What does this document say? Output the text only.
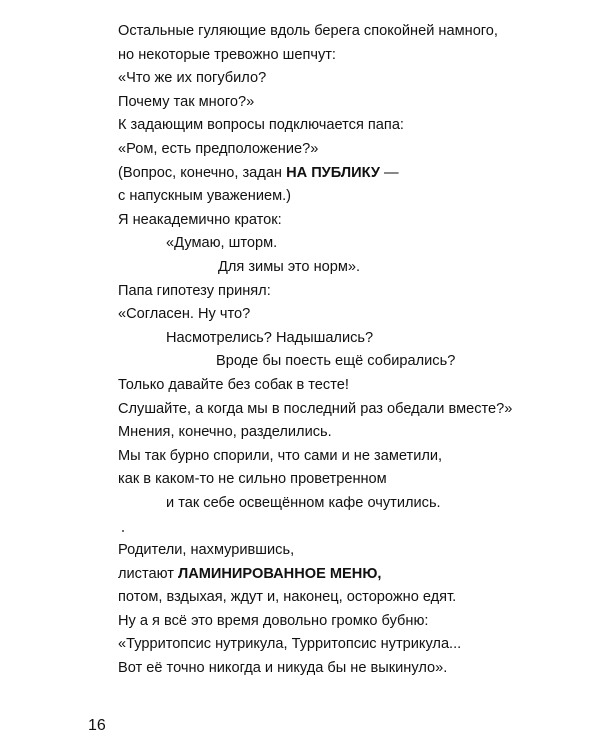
Остальные гуляющие вдоль берега спокойней намного,
но некоторые тревожно шепчут:
«Что же их погубило?
Почему так много?»
К задающим вопросы подключается папа:
«Ром, есть предположение?»
(Вопрос, конечно, задан НА ПУБЛИКУ —
с напускным уважением.)
Я неакадемично краток:
«Думаю, шторм.
Для зимы это норм».
Папа гипотезу принял:
«Согласен. Ну что?
Насмотрелись? Надышались?
Вроде бы поесть ещё собирались?
Только давайте без собак в тесте!
Слушайте, а когда мы в последний раз обедали вместе?»
Мнения, конечно, разделились.
Мы так бурно спорили, что сами и не заметили,
как в каком-то не сильно проветренном
и так себе освещённом кафе очутились.
Родители, нахмурившись,
листают ЛАМИНИРОВАННОЕ МЕНЮ,
потом, вздыхая, ждут и, наконец, осторожно едят.
Ну а я всё это время довольно громко бубню:
«Турритопсис нутрикула, Турритопсис нутрикула...
Вот её точно никогда и никуда бы не выкинуло».
16
